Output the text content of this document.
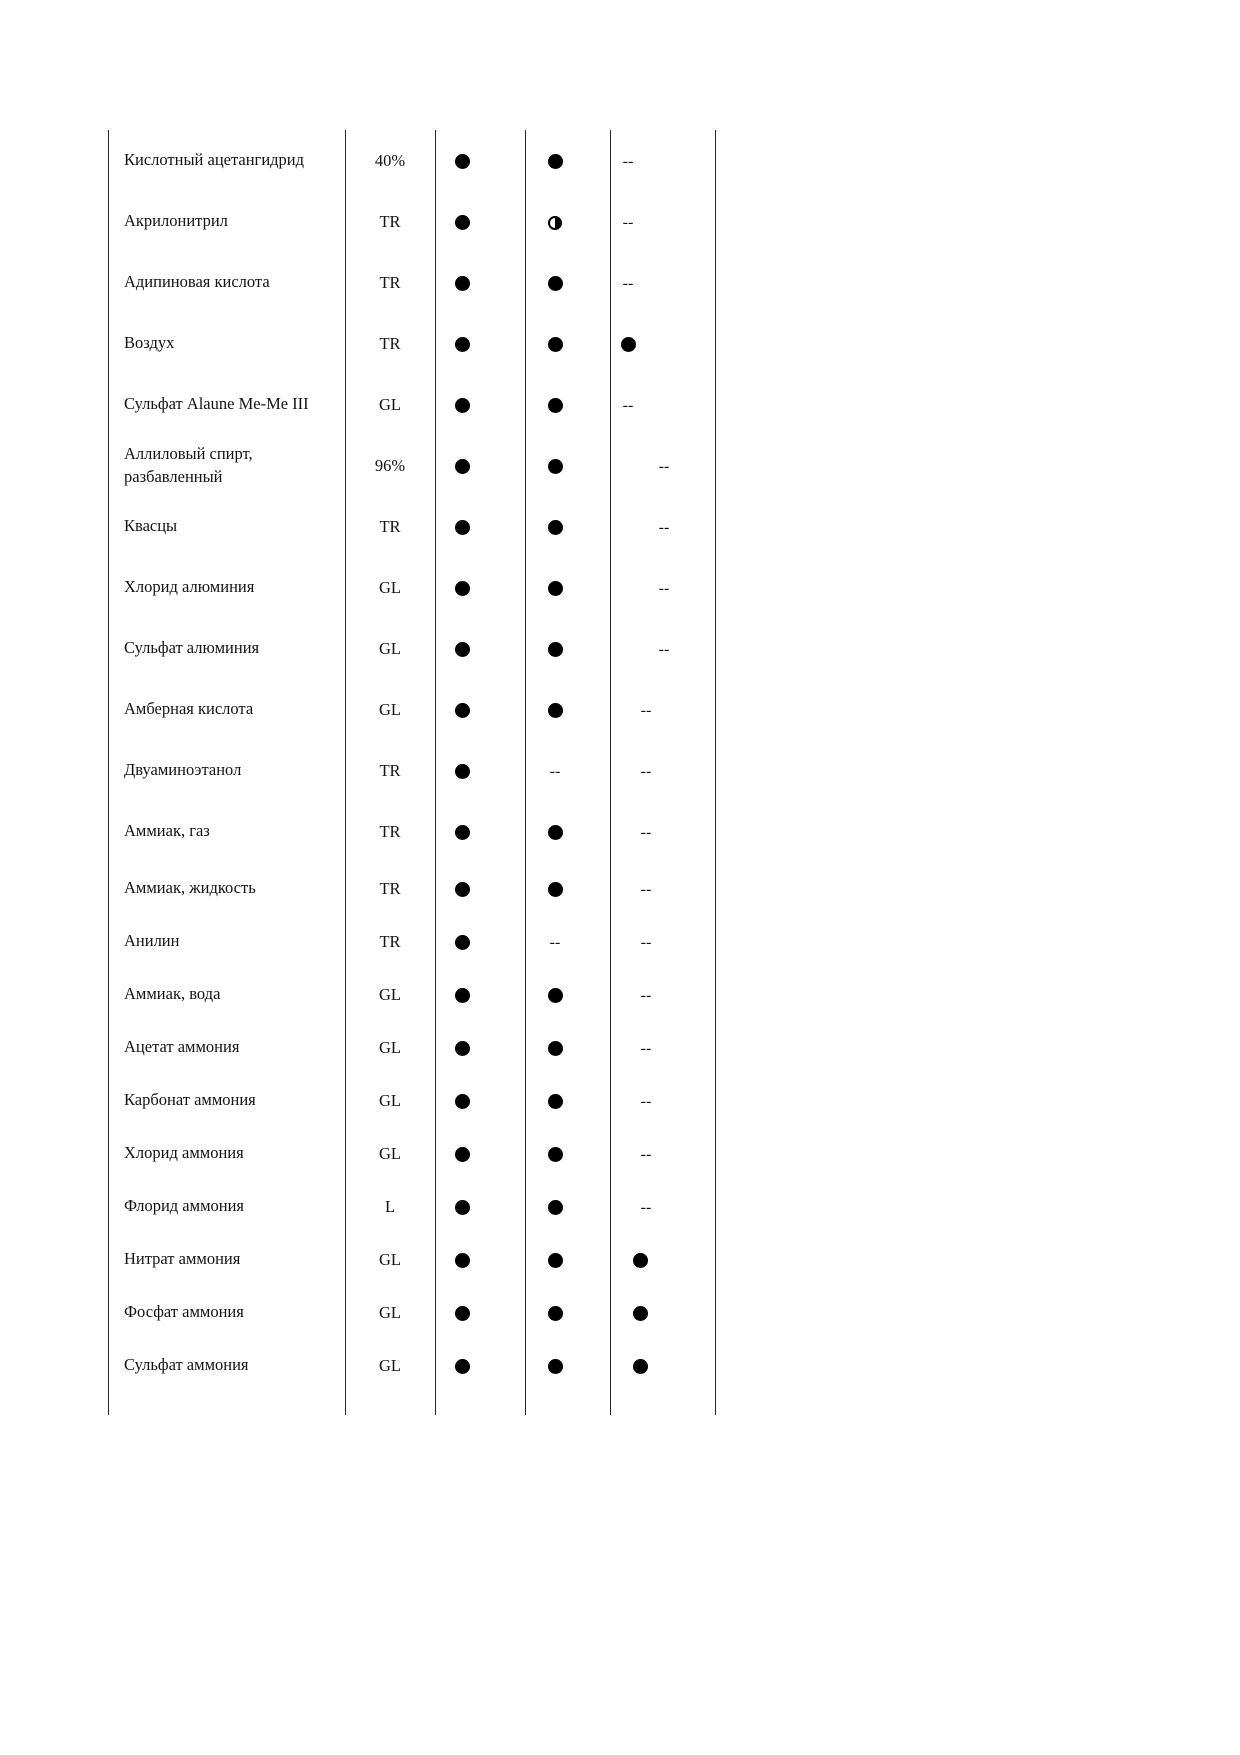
Кислотный ацетангидрид	40%			--
Акрилонитрил	TR			--
Адипиновая кислота	TR			--
Воздух	TR			
Сульфат Alaune Me-Me III	GL			--
Аллиловый спирт, разбавленный	96%			--
Квасцы	TR			--
Хлорид алюминия	GL			--
Сульфат алюминия	GL			--
Амберная кислота	GL			--
Двуаминоэтанол	TR		--	--
Аммиак, газ	TR			--
Аммиак, жидкость	TR			--
Анилин	TR		--	--
Аммиак, вода	GL			--
Ацетат аммония	GL			--
Карбонат аммония	GL			--
Хлорид аммония	GL			--
Флорид аммония	L			--
Нитрат аммония	GL			
Фосфат аммония	GL			
Сульфат аммония	GL			
